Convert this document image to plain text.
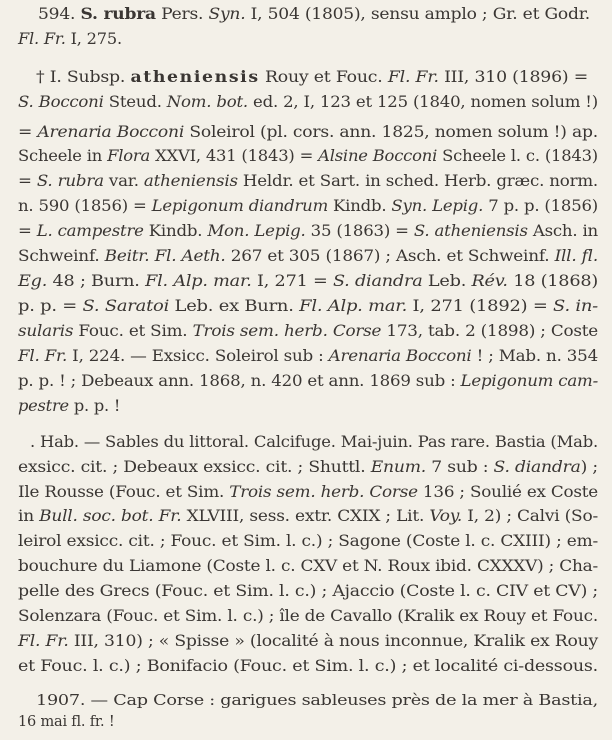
594. S. rubra Pers. Syn. I, 504 (1805), sensu amplo ; Gr. et Godr.
Fl. Fr. I, 275.
† I. Subsp. atheniensis Rouy et Fouc. Fl. Fr. III, 310 (1896) =
S. Bocconi Steud. Nom. bot. ed. 2, I, 123 et 125 (1840, nomen solum !)
= Arenaria Bocconi Soleirol (pl. cors. ann. 1825, nomen solum !) ap.
Scheele in Flora XXVI, 431 (1843) = Alsine Bocconi Scheele l. c. (1843)
= S. rubra var. atheniensis Heldr. et Sart. in sched. Herb. græc. norm.
n. 590 (1856) = Lepigonum diandrum Kindb. Syn. Lepig. 7 p. p. (1856)
= L. campestre Kindb. Mon. Lepig. 35 (1863) = S. atheniensis Asch. in
Schweinf. Beitr. Fl. Aeth. 267 et 305 (1867) ; Asch. et Schweinf. Ill. fl.
Eg. 48 ; Burn. Fl. Alp. mar. I, 271 = S. diandra Leb. Rév. 18 (1868)
p. p. = S. Saratoi Leb. ex Burn. Fl. Alp. mar. I, 271 (1892) = S. in-
sularis Fouc. et Sim. Trois sem. herb. Corse 173, tab. 2 (1898) ; Coste
Fl. Fr. I, 224. — Exsicc. Soleirol sub : Arenaria Bocconi ! ; Mab. n. 354
p. p. ! ; Debeaux ann. 1868, n. 420 et ann. 1869 sub : Lepigonum cam-
pestre p. p. !
. Hab. — Sables du littoral. Calcifuge. Mai-juin. Pas rare. Bastia (Mab.
exsicc. cit. ; Debeaux exsicc. cit. ; Shuttl. Enum. 7 sub : S. diandra) ;
Ile Rousse (Fouc. et Sim. Trois sem. herb. Corse 136 ; Soulié ex Coste
in Bull. soc. bot. Fr. XLVIII, sess. extr. CXIX ; Lit. Voy. I, 2) ; Calvi (So-
leirol exsicc. cit. ; Fouc. et Sim. l. c.) ; Sagone (Coste l. c. CXIII) ; em-
bouchure du Liamone (Coste l. c. CXV et N. Roux ibid. CXXXV) ; Cha-
pelle des Grecs (Fouc. et Sim. l. c.) ; Ajaccio (Coste l. c. CIV et CV) ;
Solenzara (Fouc. et Sim. l. c.) ; île de Cavallo (Kralik ex Rouy et Fouc.
Fl. Fr. III, 310) ; « Spisse » (localité à nous inconnue, Kralik ex Rouy
et Fouc. l. c.) ; Bonifacio (Fouc. et Sim. l. c.) ; et localité ci-dessous.
1907. — Cap Corse : garigues sableuses près de la mer à Bastia,
16 mai fl. fr. !
